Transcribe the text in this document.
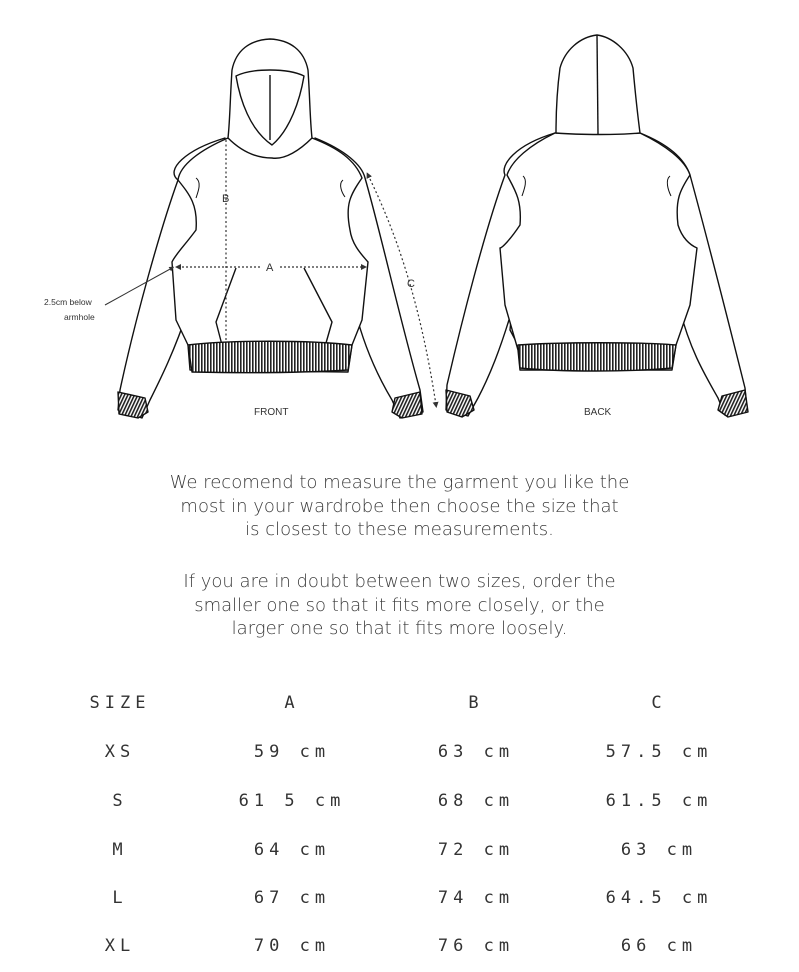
B
A
C
2.5cm below
armhole
FRONT	BACK
We recomend to measure the garment you like the
most in your wardrobe then choose the size that
is closest to these measurements.
If you are in doubt between two sizes, order the
smaller one so that it fits more closely, or the
larger one so that it fits more loosely.
SIZE	A	B	C
XS	59 cm	63 cm	57.5 cm
S	61 5 cm	68 cm	61.5 cm
M	64 cm	72 cm	63 cm
L	67 cm	74 cm	64.5 cm
XL	70 cm	76 cm	66 cm
